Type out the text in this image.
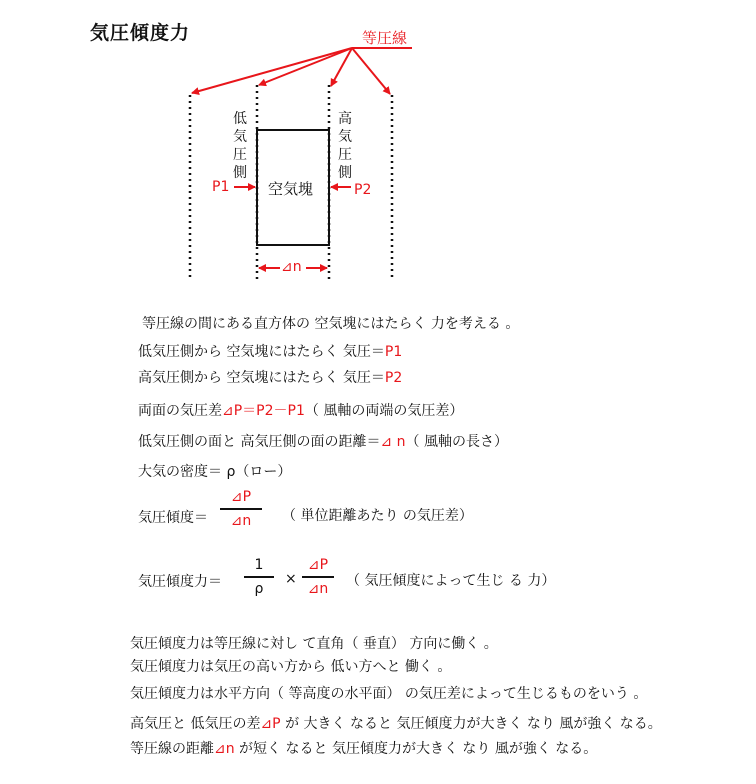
気圧傾度力	等圧線
低
気
圧
側
高
気
圧
側
空気塊
P1	P2
⊿n
等圧線の間にある直方体の 空気塊にはたらく 力を考える 。
低気圧側から 空気塊にはたらく 気圧＝P1
高気圧側から 空気塊にはたらく 気圧＝P2
両面の気圧差⊿P＝P2－P1（ 風軸の両端の気圧差）
低気圧側の面と 高気圧側の面の距離＝⊿ n（ 風軸の長さ）
大気の密度＝ ρ（ロー）
気圧傾度＝
⊿P
⊿n	（ 単位距離あたり の気圧差）
気圧傾度力＝
1
ρ
×
⊿P
⊿n	（ 気圧傾度によって生じ る 力）
気圧傾度力は等圧線に対し て直角（ 垂直） 方向に働く 。
気圧傾度力は気圧の高い方から 低い方へと 働く 。
気圧傾度力は水平方向（ 等高度の水平面） の気圧差によって生じるものをいう 。
高気圧と 低気圧の差⊿P が 大きく なると 気圧傾度力が大きく なり 風が強く なる。
等圧線の距離⊿n が短く なると 気圧傾度力が大きく なり 風が強く なる。
